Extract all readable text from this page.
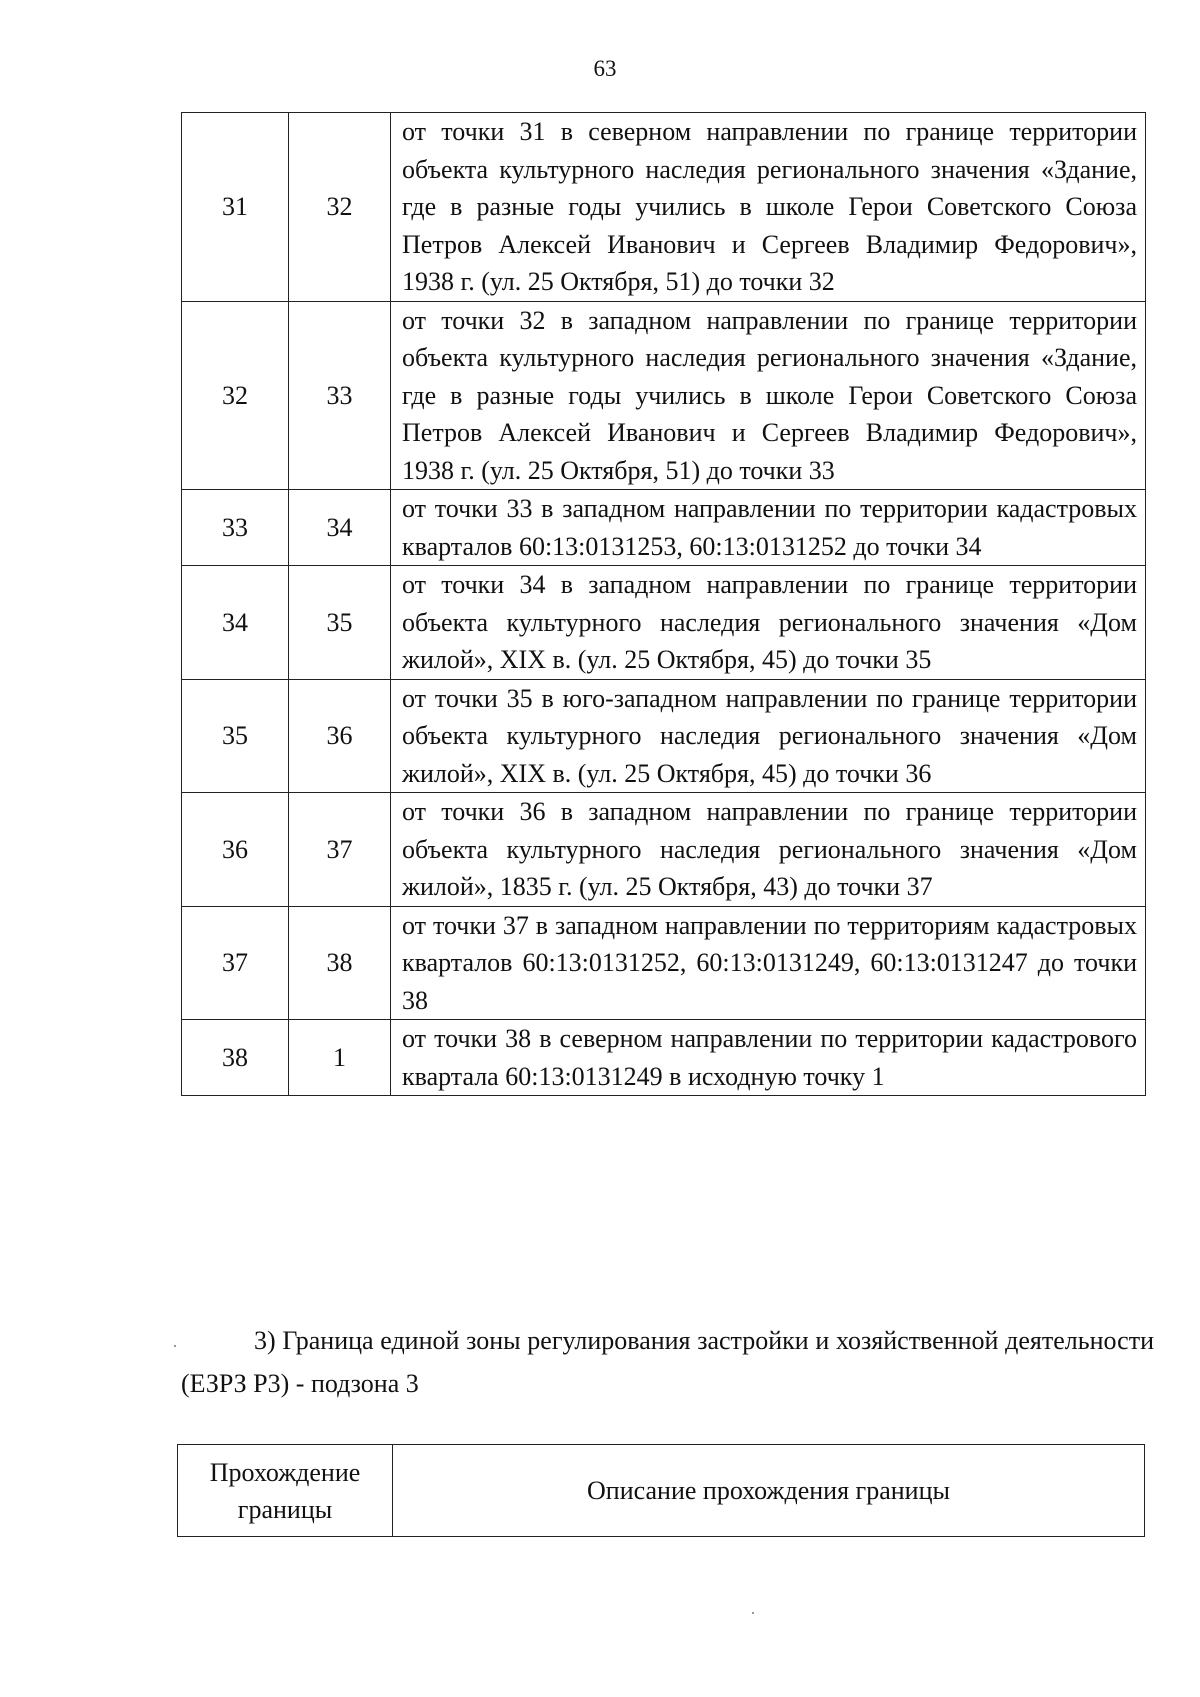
63
31	32	от точки 31 в северном направлении по границе территории объекта культурного наследия регионального значения «Здание, где в разные годы учились в школе Герои Советского Союза Петров Алексей Иванович и Сергеев Владимир Федорович», 1938 г. (ул. 25 Октября, 51) до точки 32
32	33	от точки 32 в западном направлении по границе территории объекта культурного наследия регионального значения «Здание, где в разные годы учились в школе Герои Советского Союза Петров Алексей Иванович и Сергеев Владимир Федорович», 1938 г. (ул. 25 Октября, 51) до точки 33
33	34	от точки 33 в западном направлении по территории кадастровых кварталов 60:13:0131253, 60:13:0131252 до точки 34
34	35	от точки 34 в западном направлении по границе территории объекта культурного наследия регионального значения «Дом жилой», XIX в. (ул. 25 Октября, 45) до точки 35
35	36	от точки 35 в юго-западном направлении по границе территории объекта культурного наследия регионального значения «Дом жилой», XIX в. (ул. 25 Октября, 45) до точки 36
36	37	от точки 36 в западном направлении по границе территории объекта культурного наследия регионального значения «Дом жилой», 1835 г. (ул. 25 Октября, 43) до точки 37
37	38	от точки 37 в западном направлении по территориям кадастровых кварталов 60:13:0131252, 60:13:0131249, 60:13:0131247 до точки 38
38	1	от точки 38 в северном направлении по территории кадастрового квартала 60:13:0131249 в исходную точку 1
3) Граница единой зоны регулирования застройки и хозяйственной деятельности (ЕЗРЗ Р3) - подзона 3
Прохождение границы	Описание прохождения границы
